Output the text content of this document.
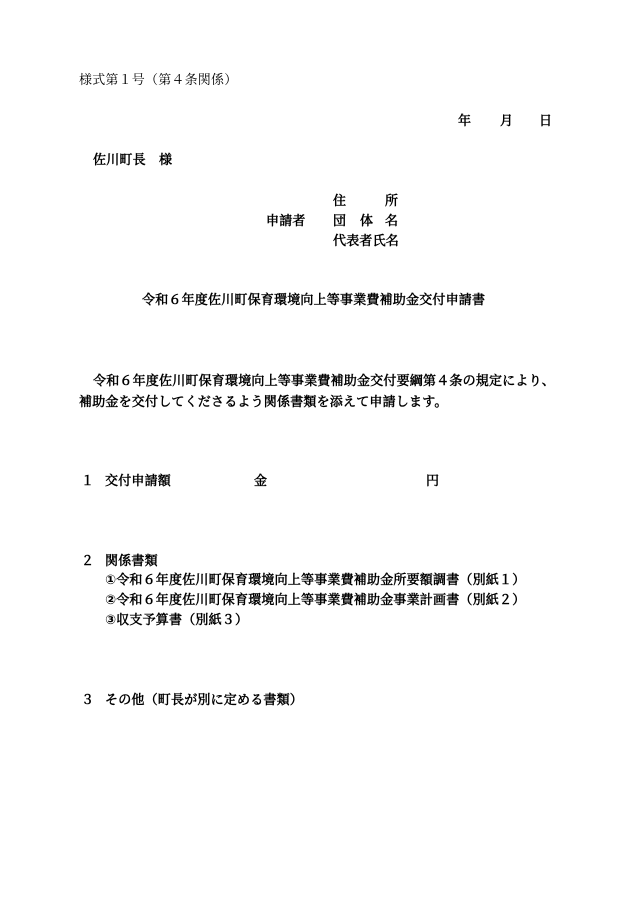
様式第１号（第４条関係）
年 月 日
佐川町長　様
申請者
住	所
団 体 名
代表者氏名
令和６年度佐川町保育環境向上等事業費補助金交付申請書
令和６年度佐川町保育環境向上等事業費補助金交付要綱第４条の規定により、
補助金を交付してくださるよう関係書類を添えて申請します。
１ 交付申請額	金	円
２ 関係書類
①令和６年度佐川町保育環境向上等事業費補助金所要額調書（別紙１）
②令和６年度佐川町保育環境向上等事業費補助金事業計画書（別紙２）
③収支予算書（別紙３）
３ その他（町長が別に定める書類）
